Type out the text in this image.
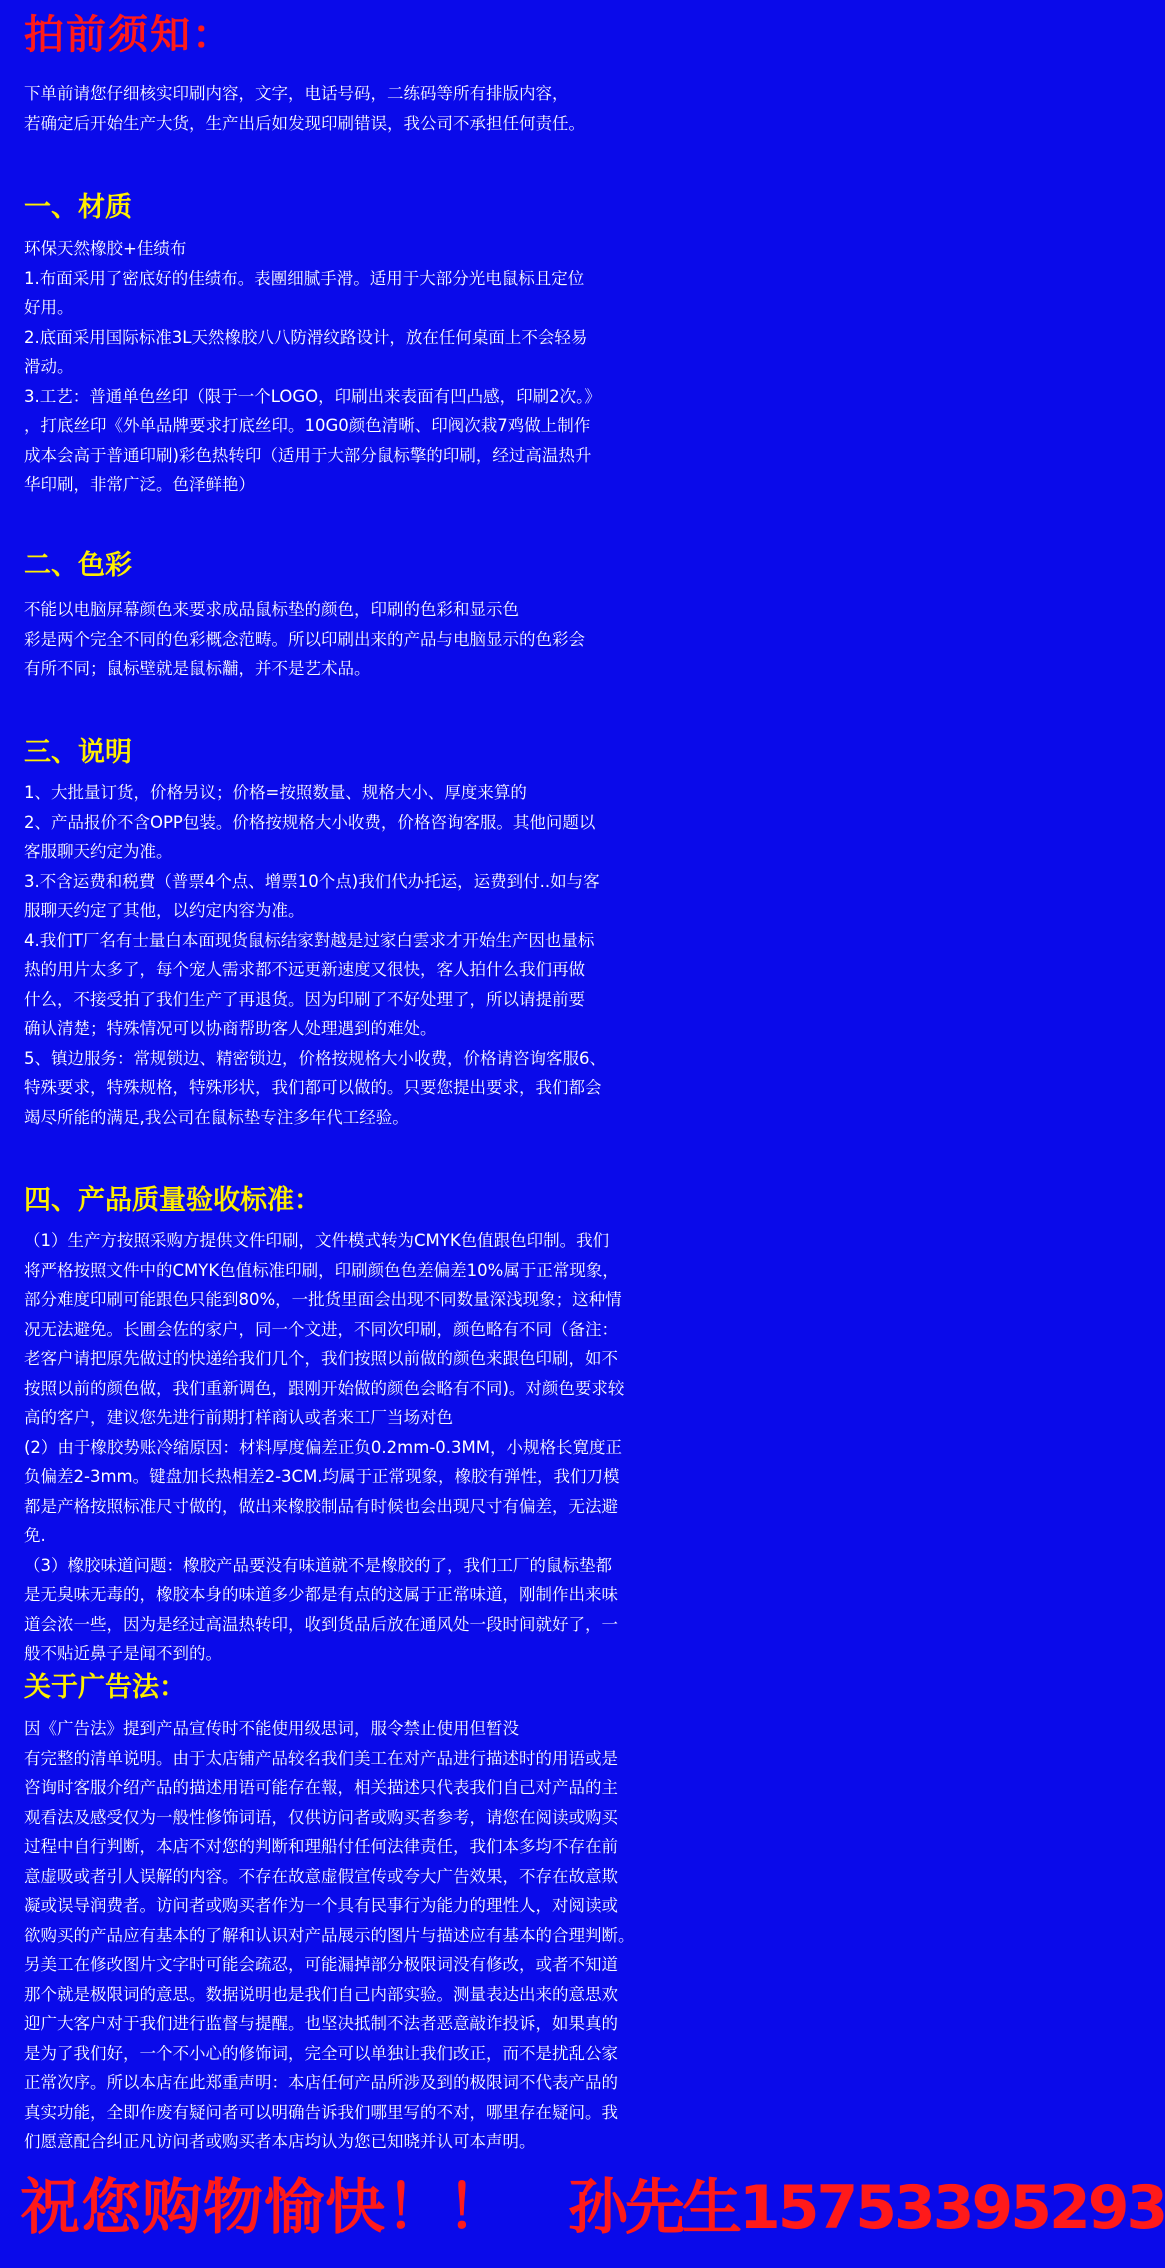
拍前须知：

下单前请您仔细核实印刷内容，文字，电话号码，二练码等所有排版内容，

若确定后开始生产大货，生产出后如发现印刷错误，我公司不承担任何责任。

一、材质

环保天然橡胶+佳绩布

1.布面采用了密底好的佳绩布。表團细腻手滑。适用于大部分光电鼠标且定位

好用。

2.底面采用国际标准3L天然橡胶八八防滑纹路设计，放在任何桌面上不会轻易

滑动。

3.工艺：普通单色丝印（限于一个LOGO，印刷出来表面有凹凸感，印刷2次。》

，打底丝印《外单品牌要求打底丝印。10G0颜色清晰、印阀次栽7鸡做上制作

成本会高于普通印刷)彩色热转印（适用于大部分鼠标擎的印刷，经过高温热升

华印刷，非常广泛。色泽鲜艳）

二、色彩

不能以电脑屏幕颜色来要求成品鼠标垫的颜色，印刷的色彩和显示色

彩是两个完全不同的色彩概念范畴。所以印刷出来的产品与电脑显示的色彩会

有所不同；鼠标壁就是鼠标黼，并不是艺术品。

三、说明

1、大批量订货，价格另议；价格=按照数量、规格大小、厚度来算的

2、产品报价不含OPP包装。价格按规格大小收费，价格咨询客服。其他问题以

客服聊天约定为准。

3.不含运费和税費（普票4个点、增票10个点)我们代办托运，运费到付..如与客

服聊天约定了其他，以约定内容为准。

4.我们T厂名有士量白本面现货鼠标结家對越是过家白雲求才开始生产因也量标

热的用片太多了，每个宠人需求都不远更新速度又很快，客人拍什么我们再做

什么，不接受拍了我们生产了再退货。因为印刷了不好处理了，所以请提前要

确认清楚；特殊情况可以协商帮助客人处理遇到的难处。

5、镇边服务：常规锁边、精密锁边，价格按规格大小收费，价格请咨询客服6、

特殊要求，特殊规格，特殊形状，我们都可以做的。只要您提出要求，我们都会

竭尽所能的满足,我公司在鼠标垫专注多年代工经验。

四、产品质量验收标准：

（1）生产方按照采购方提供文件印刷，文件模式转为CMYK色值跟色印制。我们

将严格按照文件中的CMYK色值标准印刷，印刷颜色色差偏差10%属于正常现象，

部分难度印刷可能跟色只能到80%，一批货里面会出现不同数量深浅现象；这种情

况无法避免。长圃会佐的家户，同一个文进，不同次印刷，颜色略有不同（备注：

老客户请把原先做过的快递给我们几个，我们按照以前做的颜色来跟色印刷，如不

按照以前的颜色做，我们重新调色，跟刚开始做的颜色会略有不同)。对颜色要求较

高的客户，建议您先进行前期打样商认或者来工厂当场对色

(2）由于橡胶势账冷缩原因：材料厚度偏差正负0.2mm-0.3MM，小规格长寛度正

负偏差2-3mm。键盘加长热相差2-3CM.均属于正常现象，橡胶有弹性，我们刀模

都是产格按照标准尺寸做的，做出来橡胶制品有时候也会出现尺寸有偏差，无法避

免.

（3）橡胶味道问题：橡胶产品要没有味道就不是橡胶的了，我们工厂的鼠标垫都

是无臭味无毒的，橡胶本身的味道多少都是有点的这属于正常味道，刚制作出来味

道会浓一些，因为是经过高温热转印，收到货品后放在通风处一段时间就好了，一

般不贴近鼻子是闻不到的。

关于广告法：

因《广告法》提到产品宣传时不能使用级思词，服令禁止使用但暂没

有完整的清单说明。由于太店铺产品较名我们美工在对产品进行描述时的用语或是

咨询时客服介绍产品的描述用语可能存在報，相关描述只代表我们自己对产品的主

观看法及感受仅为一般性修饰词语，仅供访问者或购买者参考，请您在阅读或购买

过程中自行判断，本店不对您的判断和理船付任何法律责任，我们本多均不存在前

意虚吸或者引人误解的内容。不存在故意虚假宣传或夸大广告效果，不存在故意欺

凝或误导润费者。访问者或购买者作为一个具有民事行为能力的理性人，对阅读或

欲购买的产品应有基本的了解和认识对产品展示的图片与描述应有基本的合理判断。

另美工在修改图片文字时可能会疏忍，可能漏掉部分极限词没有修改，或者不知道

那个就是极限词的意思。数据说明也是我们自己内部实验。测量表达出来的意思欢

迎广大客户对于我们进行监督与提醒。也坚决抵制不法者恶意敲诈投诉，如果真的

是为了我们好，一个不小心的修饰词，完全可以单独让我们改正，而不是扰乱公家

正常次序。所以本店在此郑重声明：本店任何产品所涉及到的极限词不代表产品的

真实功能，全即作废有疑问者可以明确告诉我们哪里写的不对，哪里存在疑问。我

们愿意配合纠正凡访问者或购买者本店均认为您已知晓并认可本声明。

祝您购物愉快！！ 孙先生15753395293
